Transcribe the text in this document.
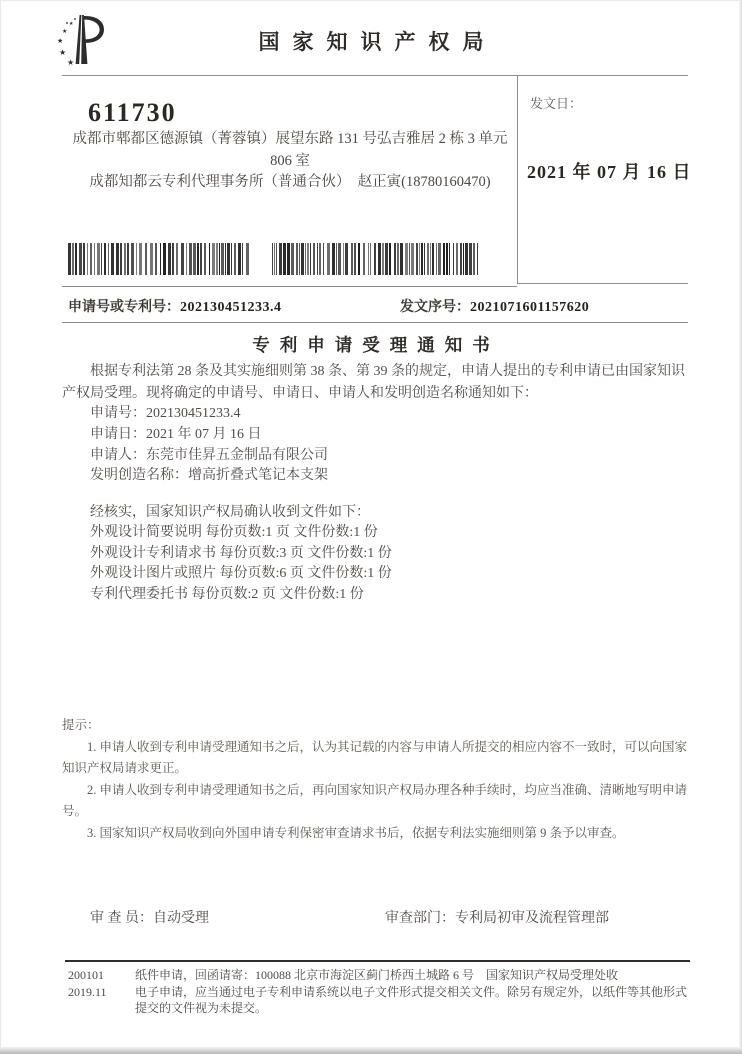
★
★
★
★
★
国家知识产权局
611730
成都市郫都区德源镇（菁蓉镇）展望东路 131 号弘吉雅居 2 栋 3 单元
806 室
成都知都云专利代理事务所（普通合伙）　赵正寅(18780160470)
发文日：
2021 年 07 月 16 日
申请号或专利号：202130451233.4	发文序号：2021071601157620
专利申请受理通知书
根据专利法第 28 条及其实施细则第 38 条、第 39 条的规定，申请人提出的专利申请已由国家知识产权局受理。现将确定的申请号、申请日、申请人和发明创造名称通知如下：
申请号：202130451233.4
申请日：2021 年 07 月 16 日
申请人：东莞市佳昇五金制品有限公司
发明创造名称：增高折叠式笔记本支架
经核实，国家知识产权局确认收到文件如下：
外观设计简要说明 每份页数:1 页 文件份数:1 份
外观设计专利请求书 每份页数:3 页 文件份数:1 份
外观设计图片或照片 每份页数:6 页 文件份数:1 份
专利代理委托书 每份页数:2 页 文件份数:1 份

提示：

1. 申请人收到专利申请受理通知书之后，认为其记载的内容与申请人所提交的相应内容不一致时，可以向国家知识产权局请求更正。

2. 申请人收到专利申请受理通知书之后，再向国家知识产权局办理各种手续时，均应当准确、清晰地写明申请号。

3. 国家知识产权局收到向外国申请专利保密审查请求书后，依据专利法实施细则第 9 条予以审查。

审 查 员：自动受理	审查部门：专利局初审及流程管理部
200101
2019.11

纸件申请，回函请寄：100088 北京市海淀区蓟门桥西土城路 6 号　国家知识产权局受理处收

电子申请，应当通过电子专利申请系统以电子文件形式提交相关文件。除另有规定外，以纸件等其他形式提交的文件视为未提交。
